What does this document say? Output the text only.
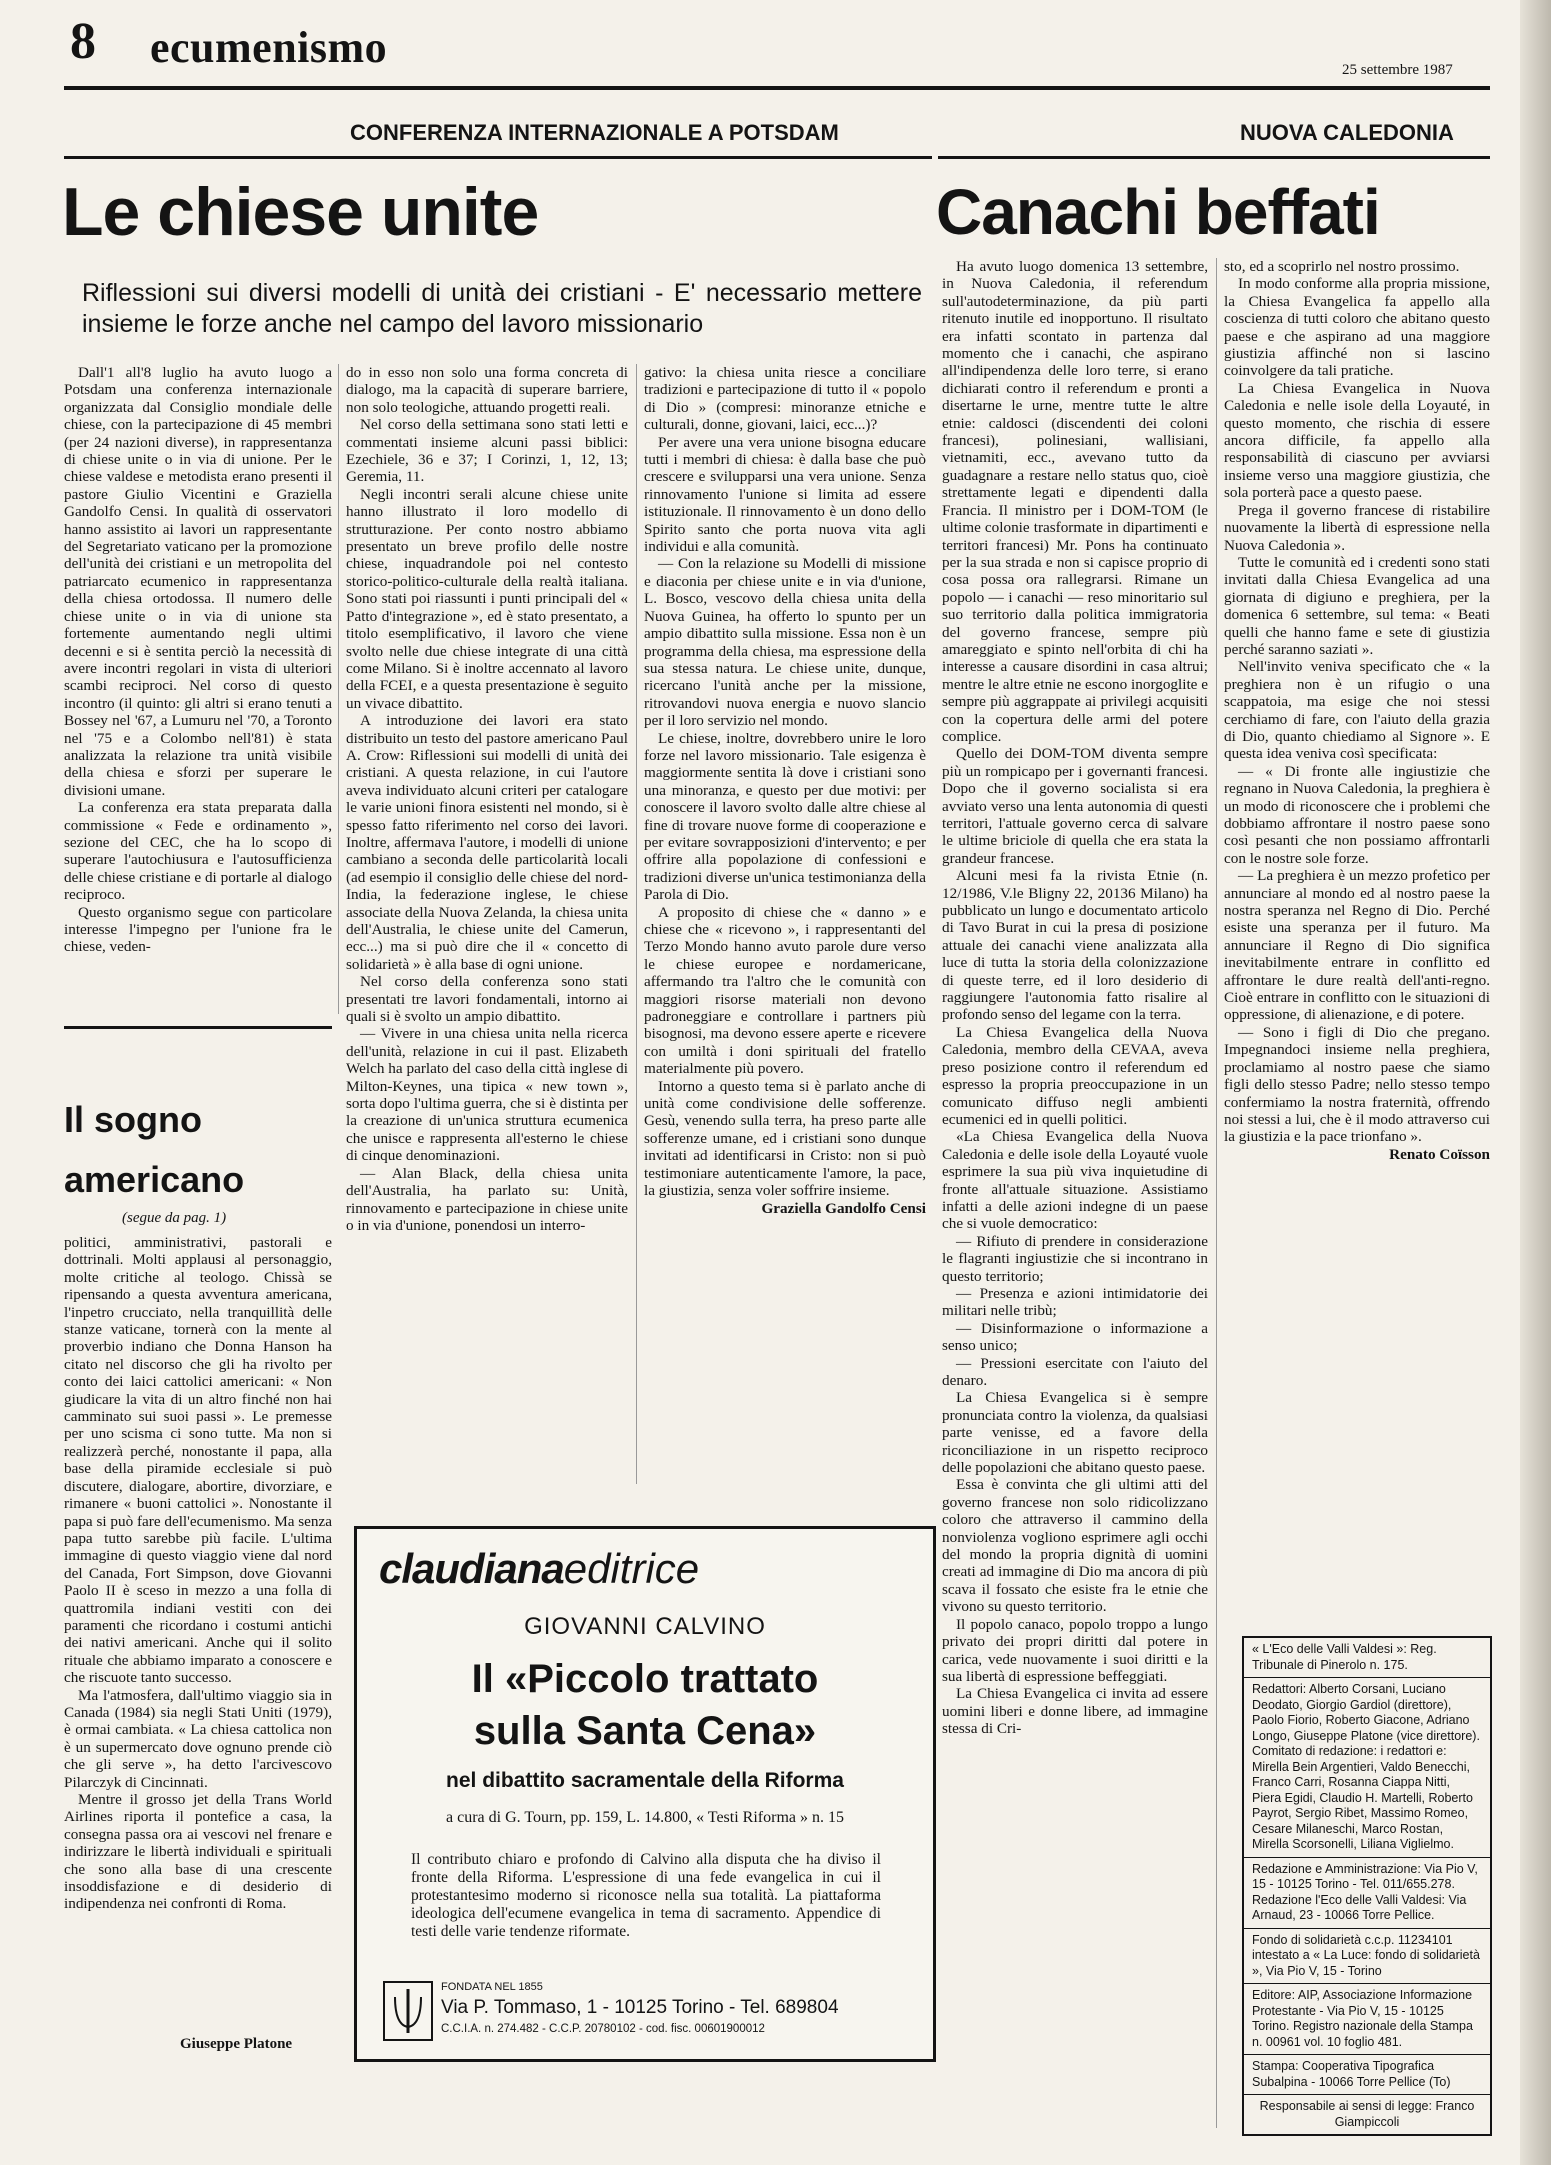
8 ecumenismo	25 settembre 1987
CONFERENZA INTERNAZIONALE A POTSDAM	NUOVA CALEDONIA
Le chiese unite	Canachi beffati
Riflessioni sui diversi modelli di unità dei cristiani - E' necessario mettere insieme le forze anche nel campo del lavoro missionario

Dall'1 all'8 luglio ha avuto luogo a Potsdam una conferenza internazionale organizzata dal Consiglio mondiale delle chiese, con la partecipazione di 45 membri (per 24 nazioni diverse), in rappresentanza di chiese unite o in via di unione. Per le chiese valdese e metodista erano presenti il pastore Giulio Vicentini e Graziella Gandolfo Censi. In qualità di osservatori hanno assistito ai lavori un rappresentante del Segretariato vaticano per la promozione dell'unità dei cristiani e un metropolita del patriarcato ecumenico in rappresentanza della chiesa ortodossa. Il numero delle chiese unite o in via di unione sta fortemente aumentando negli ultimi decenni e si è sentita perciò la necessità di avere incontri regolari in vista di ulteriori scambi reciproci. Nel corso di questo incontro (il quinto: gli altri si erano tenuti a Bossey nel '67, a Lumuru nel '70, a Toronto nel '75 e a Colombo nell'81) è stata analizzata la relazione tra unità visibile della chiesa e sforzi per superare le divisioni umane.

La conferenza era stata preparata dalla commissione « Fede e ordinamento », sezione del CEC, che ha lo scopo di superare l'autochiusura e l'autosufficienza delle chiese cristiane e di portarle al dialogo reciproco.

Questo organismo segue con particolare interesse l'impegno per l'unione fra le chiese, veden-

do in esso non solo una forma concreta di dialogo, ma la capacità di superare barriere, non solo teologiche, attuando progetti reali.

Nel corso della settimana sono stati letti e commentati insieme alcuni passi biblici: Ezechiele, 36 e 37; I Corinzi, 1, 12, 13; Geremia, 11.

Negli incontri serali alcune chiese unite hanno illustrato il loro modello di strutturazione. Per conto nostro abbiamo presentato un breve profilo delle nostre chiese, inquadrandole poi nel contesto storico-politico-culturale della realtà italiana. Sono stati poi riassunti i punti principali del « Patto d'integrazione », ed è stato presentato, a titolo esemplificativo, il lavoro che viene svolto nelle due chiese integrate di una città come Milano. Si è inoltre accennato al lavoro della FCEI, e a questa presentazione è seguito un vivace dibattito.

A introduzione dei lavori era stato distribuito un testo del pastore americano Paul A. Crow: Riflessioni sui modelli di unità dei cristiani. A questa relazione, in cui l'autore aveva individuato alcuni criteri per catalogare le varie unioni finora esistenti nel mondo, si è spesso fatto riferimento nel corso dei lavori. Inoltre, affermava l'autore, i modelli di unione cambiano a seconda delle particolarità locali (ad esempio il consiglio delle chiese del nord-India, la federazione inglese, le chiese associate della Nuova Zelanda, la chiesa unita dell'Australia, le chiese unite del Camerun, ecc...) ma si può dire che il « concetto di solidarietà » è alla base di ogni unione.

Nel corso della conferenza sono stati presentati tre lavori fondamentali, intorno ai quali si è svolto un ampio dibattito.

— Vivere in una chiesa unita nella ricerca dell'unità, relazione in cui il past. Elizabeth Welch ha parlato del caso della città inglese di Milton-Keynes, una tipica « new town », sorta dopo l'ultima guerra, che si è distinta per la creazione di un'unica struttura ecumenica che unisce e rappresenta all'esterno le chiese di cinque denominazioni.

— Alan Black, della chiesa unita dell'Australia, ha parlato su: Unità, rinnovamento e partecipazione in chiese unite o in via d'unione, ponendosi un interro-

gativo: la chiesa unita riesce a conciliare tradizioni e partecipazione di tutto il « popolo di Dio » (compresi: minoranze etniche e culturali, donne, giovani, laici, ecc...)?

Per avere una vera unione bisogna educare tutti i membri di chiesa: è dalla base che può crescere e svilupparsi una vera unione. Senza rinnovamento l'unione si limita ad essere istituzionale. Il rinnovamento è un dono dello Spirito santo che porta nuova vita agli individui e alla comunità.

— Con la relazione su Modelli di missione e diaconia per chiese unite e in via d'unione, L. Bosco, vescovo della chiesa unita della Nuova Guinea, ha offerto lo spunto per un ampio dibattito sulla missione. Essa non è un programma della chiesa, ma espressione della sua stessa natura. Le chiese unite, dunque, ricercano l'unità anche per la missione, ritrovandovi nuova energia e nuovo slancio per il loro servizio nel mondo.

Le chiese, inoltre, dovrebbero unire le loro forze nel lavoro missionario. Tale esigenza è maggiormente sentita là dove i cristiani sono una minoranza, e questo per due motivi: per conoscere il lavoro svolto dalle altre chiese al fine di trovare nuove forme di cooperazione e per evitare sovrapposizioni d'intervento; e per offrire alla popolazione di confessioni e tradizioni diverse un'unica testimonianza della Parola di Dio.

A proposito di chiese che « danno » e chiese che « ricevono », i rappresentanti del Terzo Mondo hanno avuto parole dure verso le chiese europee e nordamericane, affermando tra l'altro che le comunità con maggiori risorse materiali non devono padroneggiare e controllare i partners più bisognosi, ma devono essere aperte e ricevere con umiltà i doni spirituali del fratello materialmente più povero.

Intorno a questo tema si è parlato anche di unità come condivisione delle sofferenze. Gesù, venendo sulla terra, ha preso parte alle sofferenze umane, ed i cristiani sono dunque invitati ad identificarsi in Cristo: non si può testimoniare autenticamente l'amore, la pace, la giustizia, senza voler soffrire insieme.

Graziella Gandolfo Censi

Il sogno
americano
(segue da pag. 1)

politici, amministrativi, pastorali e dottrinali. Molti applausi al personaggio, molte critiche al teologo. Chissà se ripensando a questa avventura americana, l'inpetro crucciato, nella tranquillità delle stanze vaticane, tornerà con la mente al proverbio indiano che Donna Hanson ha citato nel discorso che gli ha rivolto per conto dei laici cattolici americani: « Non giudicare la vita di un altro finché non hai camminato sui suoi passi ». Le premesse per uno scisma ci sono tutte. Ma non si realizzerà perché, nonostante il papa, alla base della piramide ecclesiale si può discutere, dialogare, abortire, divorziare, e rimanere « buoni cattolici ». Nonostante il papa si può fare dell'ecumenismo. Ma senza papa tutto sarebbe più facile. L'ultima immagine di questo viaggio viene dal nord del Canada, Fort Simpson, dove Giovanni Paolo II è sceso in mezzo a una folla di quattromila indiani vestiti con dei paramenti che ricordano i costumi antichi dei nativi americani. Anche qui il solito rituale che abbiamo imparato a conoscere e che riscuote tanto successo.

Ma l'atmosfera, dall'ultimo viaggio sia in Canada (1984) sia negli Stati Uniti (1979), è ormai cambiata. « La chiesa cattolica non è un supermercato dove ognuno prende ciò che gli serve », ha detto l'arcivescovo Pilarczyk di Cincinnati.

Mentre il grosso jet della Trans World Airlines riporta il pontefice a casa, la consegna passa ora ai vescovi nel frenare e indirizzare le libertà individuali e spirituali che sono alla base di una crescente insoddisfazione e di desiderio di indipendenza nei confronti di Roma.

Giuseppe Platone
claudianaeditrice
GIOVANNI CALVINO
Il «Piccolo trattato
sulla Santa Cena»
nel dibattito sacramentale della Riforma
a cura di G. Tourn, pp. 159, L. 14.800, « Testi Riforma » n. 15
Il contributo chiaro e profondo di Calvino alla disputa che ha diviso il fronte della Riforma. L'espressione di una fede evangelica in cui il protestantesimo moderno si riconosce nella sua totalità. La piattaforma ideologica dell'ecumene evangelica in tema di sacramento. Appendice di testi delle varie tendenze riformate.
FONDATA NEL 1855
Via P. Tommaso, 1 - 10125 Torino - Tel. 689804
C.C.I.A. n. 274.482 - C.C.P. 20780102 - cod. fisc. 00601900012

Ha avuto luogo domenica 13 settembre, in Nuova Caledonia, il referendum sull'autodeterminazione, da più parti ritenuto inutile ed inopportuno. Il risultato era infatti scontato in partenza dal momento che i canachi, che aspirano all'indipendenza delle loro terre, si erano dichiarati contro il referendum e pronti a disertarne le urne, mentre tutte le altre etnie: caldosci (discendenti dei coloni francesi), polinesiani, wallisiani, vietnamiti, ecc., avevano tutto da guadagnare a restare nello status quo, cioè strettamente legati e dipendenti dalla Francia. Il ministro per i DOM-TOM (le ultime colonie trasformate in dipartimenti e territori francesi) Mr. Pons ha continuato per la sua strada e non si capisce proprio di cosa possa ora rallegrarsi. Rimane un popolo — i canachi — reso minoritario sul suo territorio dalla politica immigratoria del governo francese, sempre più amareggiato e spinto nell'orbita di chi ha interesse a causare disordini in casa altrui; mentre le altre etnie ne escono inorgoglite e sempre più aggrappate ai privilegi acquisiti con la copertura delle armi del potere complice.

Quello dei DOM-TOM diventa sempre più un rompicapo per i governanti francesi. Dopo che il governo socialista si era avviato verso una lenta autonomia di questi territori, l'attuale governo cerca di salvare le ultime briciole di quella che era stata la grandeur francese.

Alcuni mesi fa la rivista Etnie (n. 12/1986, V.le Bligny 22, 20136 Milano) ha pubblicato un lungo e documentato articolo di Tavo Burat in cui la presa di posizione attuale dei canachi viene analizzata alla luce di tutta la storia della colonizzazione di queste terre, ed il loro desiderio di raggiungere l'autonomia fatto risalire al profondo senso del legame con la terra.

La Chiesa Evangelica della Nuova Caledonia, membro della CEVAA, aveva preso posizione contro il referendum ed espresso la propria preoccupazione in un comunicato diffuso negli ambienti ecumenici ed in quelli politici.

«La Chiesa Evangelica della Nuova Caledonia e delle isole della Loyauté vuole esprimere la sua più viva inquietudine di fronte all'attuale situazione. Assistiamo infatti a delle azioni indegne di un paese che si vuole democratico:

— Rifiuto di prendere in considerazione le flagranti ingiustizie che si incontrano in questo territorio;

— Presenza e azioni intimidatorie dei militari nelle tribù;

— Disinformazione o informazione a senso unico;

— Pressioni esercitate con l'aiuto del denaro.

La Chiesa Evangelica si è sempre pronunciata contro la violenza, da qualsiasi parte venisse, ed a favore della riconciliazione in un rispetto reciproco delle popolazioni che abitano questo paese.

Essa è convinta che gli ultimi atti del governo francese non solo ridicolizzano coloro che attraverso il cammino della nonviolenza vogliono esprimere agli occhi del mondo la propria dignità di uomini creati ad immagine di Dio ma ancora di più scava il fossato che esiste fra le etnie che vivono su questo territorio.

Il popolo canaco, popolo troppo a lungo privato dei propri diritti dal potere in carica, vede nuovamente i suoi diritti e la sua libertà di espressione beffeggiati.

La Chiesa Evangelica ci invita ad essere uomini liberi e donne libere, ad immagine stessa di Cri-

sto, ed a scoprirlo nel nostro prossimo.

In modo conforme alla propria missione, la Chiesa Evangelica fa appello alla coscienza di tutti coloro che abitano questo paese e che aspirano ad una maggiore giustizia affinché non si lascino coinvolgere da tali pratiche.

La Chiesa Evangelica in Nuova Caledonia e nelle isole della Loyauté, in questo momento, che rischia di essere ancora difficile, fa appello alla responsabilità di ciascuno per avviarsi insieme verso una maggiore giustizia, che sola porterà pace a questo paese.

Prega il governo francese di ristabilire nuovamente la libertà di espressione nella Nuova Caledonia ».

Tutte le comunità ed i credenti sono stati invitati dalla Chiesa Evangelica ad una giornata di digiuno e preghiera, per la domenica 6 settembre, sul tema: « Beati quelli che hanno fame e sete di giustizia perché saranno saziati ».

Nell'invito veniva specificato che « la preghiera non è un rifugio o una scappatoia, ma esige che noi stessi cerchiamo di fare, con l'aiuto della grazia di Dio, quanto chiediamo al Signore ». E questa idea veniva così specificata:

— « Di fronte alle ingiustizie che regnano in Nuova Caledonia, la preghiera è un modo di riconoscere che i problemi che dobbiamo affrontare il nostro paese sono così pesanti che non possiamo affrontarli con le nostre sole forze.

— La preghiera è un mezzo profetico per annunciare al mondo ed al nostro paese la nostra speranza nel Regno di Dio. Perché esiste una speranza per il futuro. Ma annunciare il Regno di Dio significa inevitabilmente entrare in conflitto ed affrontare le dure realtà dell'anti-regno. Cioè entrare in conflitto con le situazioni di oppressione, di alienazione, e di potere.

— Sono i figli di Dio che pregano. Impegnandoci insieme nella preghiera, proclamiamo al nostro paese che siamo figli dello stesso Padre; nello stesso tempo confermiamo la nostra fraternità, offrendo noi stessi a lui, che è il modo attraverso cui la giustizia e la pace trionfano ».

Renato Coïsson

« L'Eco delle Valli Valdesi »: Reg. Tribunale di Pinerolo n. 175.
Redattori: Alberto Corsani, Luciano Deodato, Giorgio Gardiol (direttore), Paolo Fiorio, Roberto Giacone, Adriano Longo, Giuseppe Platone (vice direttore). Comitato di redazione: i redattori e: Mirella Bein Argentieri, Valdo Benecchi, Franco Carri, Rosanna Ciappa Nitti, Piera Egidi, Claudio H. Martelli, Roberto Payrot, Sergio Ribet, Massimo Romeo, Cesare Milaneschi, Marco Rostan, Mirella Scorsonelli, Liliana Viglielmo.
Redazione e Amministrazione: Via Pio V, 15 - 10125 Torino - Tel. 011/655.278. Redazione l'Eco delle Valli Valdesi: Via Arnaud, 23 - 10066 Torre Pellice.
Fondo di solidarietà c.c.p. 11234101 intestato a « La Luce: fondo di solidarietà », Via Pio V, 15 - Torino
Editore: AIP, Associazione Informazione Protestante - Via Pio V, 15 - 10125 Torino. Registro nazionale della Stampa n. 00961 vol. 10 foglio 481.
Stampa: Cooperativa Tipografica Subalpina - 10066 Torre Pellice (To)
Responsabile ai sensi di legge: Franco Giampiccoli
